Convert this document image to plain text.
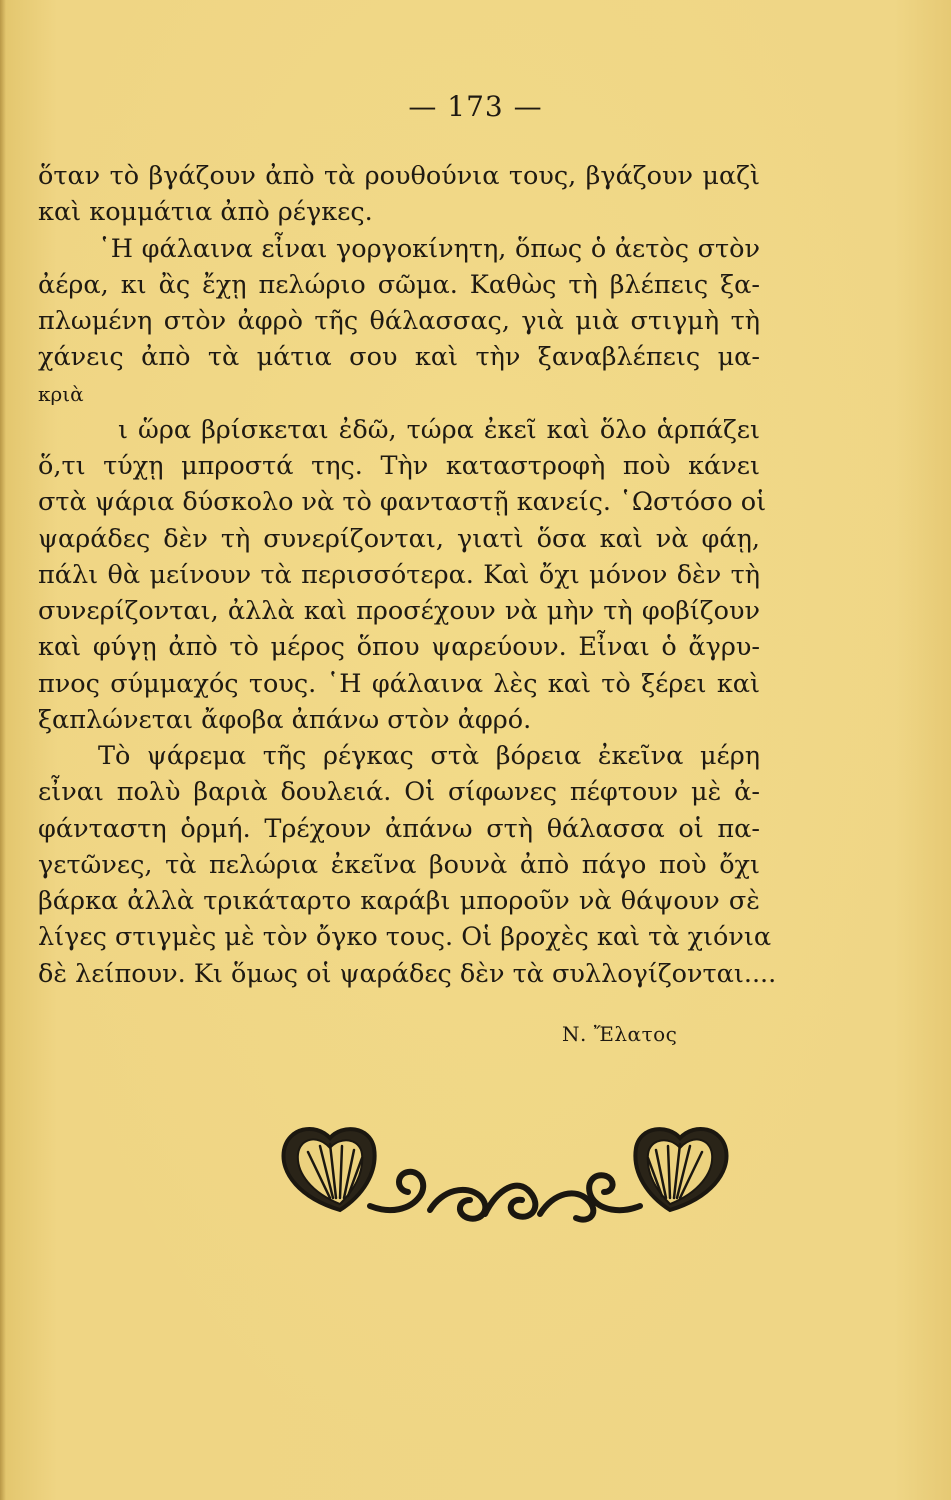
— 173 —
ὅταν τὸ βγάζουν ἀπὸ τὰ ρουθούνια τους, βγάζουν μαζὶ
καὶ κομμάτια ἀπὸ ρέγκες.
῾Η φάλαινα εἶναι γοργοκίνητη, ὅπως ὁ ἀετὸς στὸν
ἀέρα, κι ἂς ἔχῃ πελώριο σῶμα. Καθὼς τὴ βλέπεις ξα-
πλωμένη στὸν ἀφρὸ τῆς θάλασσας, γιὰ μιὰ στιγμὴ τὴ
χάνεις ἀπὸ τὰ μάτια σου καὶ τὴν ξαναβλέπεις μα-
κριὰ
ι ὥρα βρίσκεται ἐδῶ, τώρα ἐκεῖ καὶ ὅλο ἁρπάζει
ὅ,τι τύχῃ μπροστά της. Τὴν καταστροφὴ ποὺ κάνει
στὰ ψάρια δύσκολο νὰ τὸ φανταστῇ κανείς. ῾Ωστόσο οἱ
ψαράδες δὲν τὴ συνερίζονται, γιατὶ ὅσα καὶ νὰ φάῃ,
πάλι θὰ μείνουν τὰ περισσότερα. Καὶ ὄχι μόνον δὲν τὴ
συνερίζονται, ἀλλὰ καὶ προσέχουν νὰ μὴν τὴ φοβίζουν
καὶ φύγῃ ἀπὸ τὸ μέρος ὅπου ψαρεύουν. Εἶναι ὁ ἄγρυ-
πνος σύμμαχός τους. ῾Η φάλαινα λὲς καὶ τὸ ξέρει καὶ
ξαπλώνεται ἄφοβα ἀπάνω στὸν ἀφρό.
Τὸ ψάρεμα τῆς ρέγκας στὰ βόρεια ἐκεῖνα μέρη
εἶναι πολὺ βαριὰ δουλειά. Οἱ σίφωνες πέφτουν μὲ ἀ-
φάνταστη ὁρμή. Τρέχουν ἀπάνω στὴ θάλασσα οἱ πα-
γετῶνες, τὰ πελώρια ἐκεῖνα βουνὰ ἀπὸ πάγο ποὺ ὄχι
βάρκα ἀλλὰ τρικάταρτο καράβι μποροῦν νὰ θάψουν σὲ
λίγες στιγμὲς μὲ τὸν ὄγκο τους. Οἱ βροχὲς καὶ τὰ χιόνια
δὲ λείπουν. Κι ὅμως οἱ ψαράδες δὲν τὰ συλλογίζονται....
Ν. Ἔλατος
